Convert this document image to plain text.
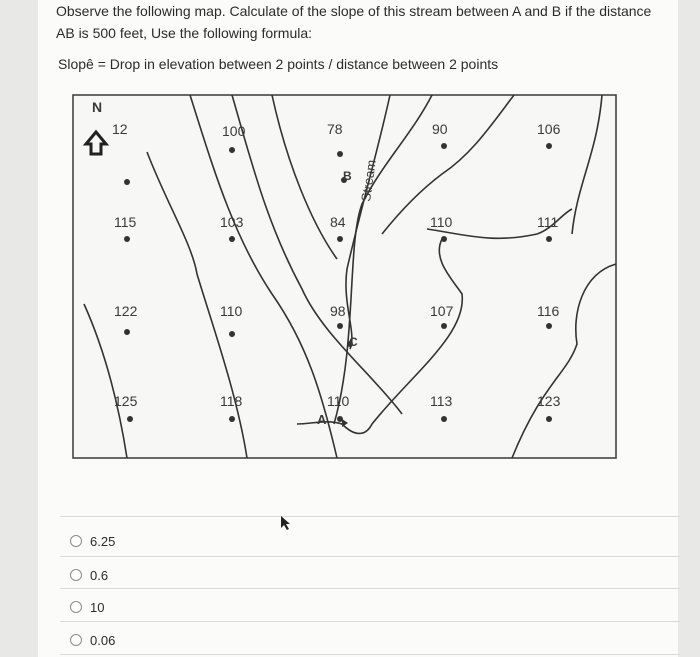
Observe the following map. Calculate of the slope of this stream between A and B if the distance
AB is 500 feet, Use the following formula:
Slopê = Drop in elevation between 2 points / distance between 2 points
12	100	78	90	106
115	103	84	110	111
122	110	98	107	116
125	118	110	113	123
N
B
C
A
Stream
6.25
0.6
10
0.06
